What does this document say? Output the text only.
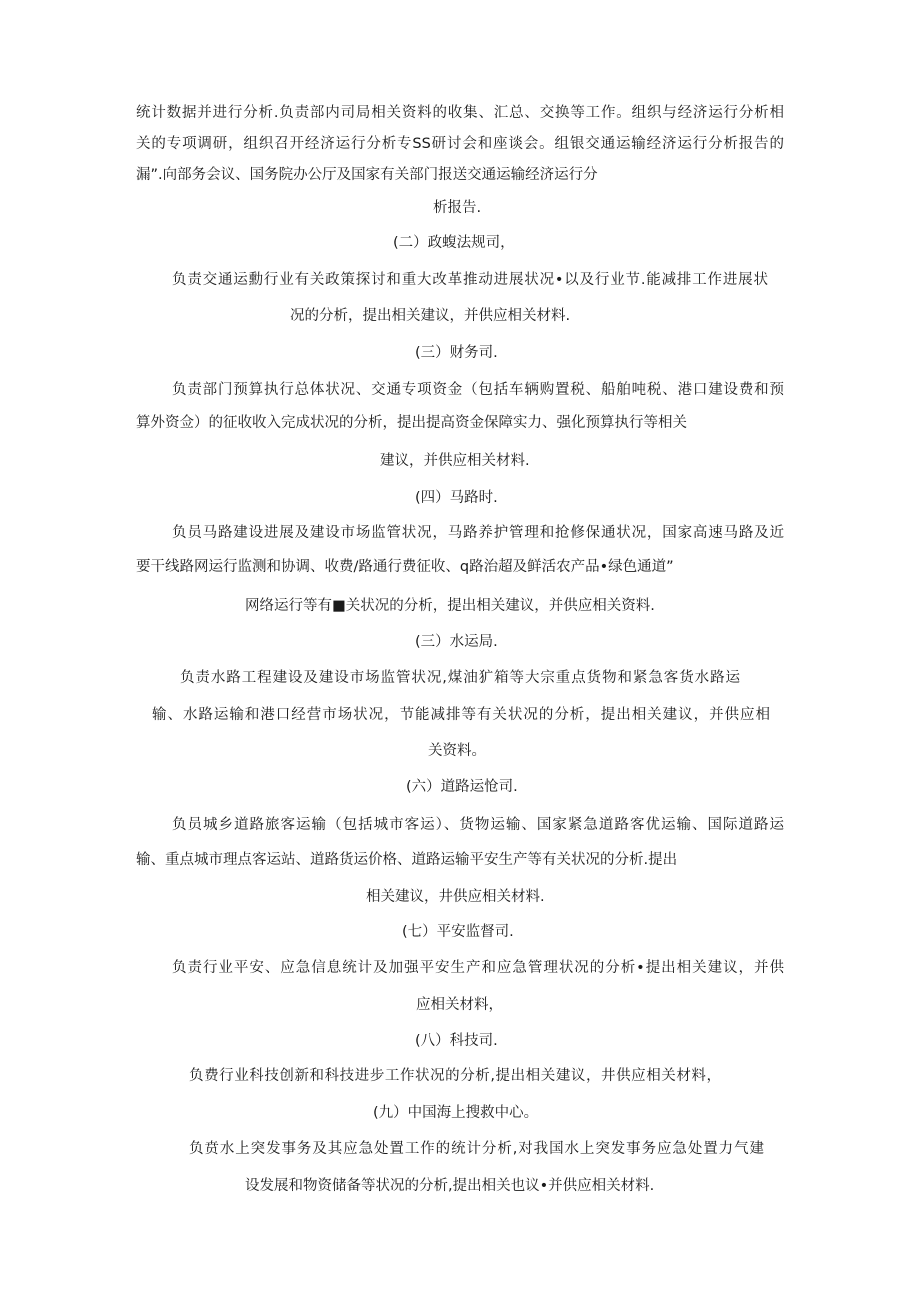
统计数据并进行分析.负责部内司局相关资料的收集、汇总、交换等工作。组织与经济运行分析相
关的专项调研，组织召开经济运行分析专SS研讨会和座谈会。组银交通运输经济运行分析报告的
漏”.向部务会议、国务院办公厅及国家有关部门报送交通运输经济运行分
析报告.
(二）政蝮法规司，
负责交通运勳行业有关政策探讨和重大改革推动进展状况•以及行业节.能减排工作进展状
况的分析，提出相关建议，并供应相关材料.
(三）财务司.
负责部门预算执行总体状况、交通专项资金（包括车辆购置税、船舶吨税、港口建设费和预
算外资佥）的征收收入完成状况的分析，提出提高资金保障实力、强化预算执行等相关
建议，并供应相关材料.
(四）马路时.
负员马路建设进展及建设市场监管状况，马路养护管理和抢修保通状况，国家高速马路及近
要干线路网运行监测和协调、收费/路通行费征收、q路治超及鲜活农产品•绿色通道”
网络运行等有■关状况的分析，提出相关建议，并供应相关资料.
(三）水运局.
负责水路工程建设及建设市场监管状况,煤油犷箱等大宗重点货物和紧急客货水路运
输、水路运输和港口经营市场状况，节能减排等有关状况的分析，提出相关建议，并供应相
关资料。
(六）道路运怆司.
负员城乡道路旅客运输（包括城市客运）、货物运输、国家紧急道路客优运输、国际道路运
输、重点城市理点客运站、道路货运价格、道路运输平安生产等有关状况的分析.提出
相关建议，井供应相关材料.
(七）平安监督司.
负责行业平安、应急信息统计及加强平安生产和应急管理状况的分析•提出相关建议，并供
应相关材料，
(八）科技司.
负费行业科技创新和科技进步工作状况的分析,提出相关建议，井供应相关材料，
(九）中国海上搜救中心。
负贲水上突发事务及其应急处置工作的统计分析,对我国水上突发事务应急处置力气建
设发展和物资储备等状况的分析,提出相关也议•并供应相关材料.
